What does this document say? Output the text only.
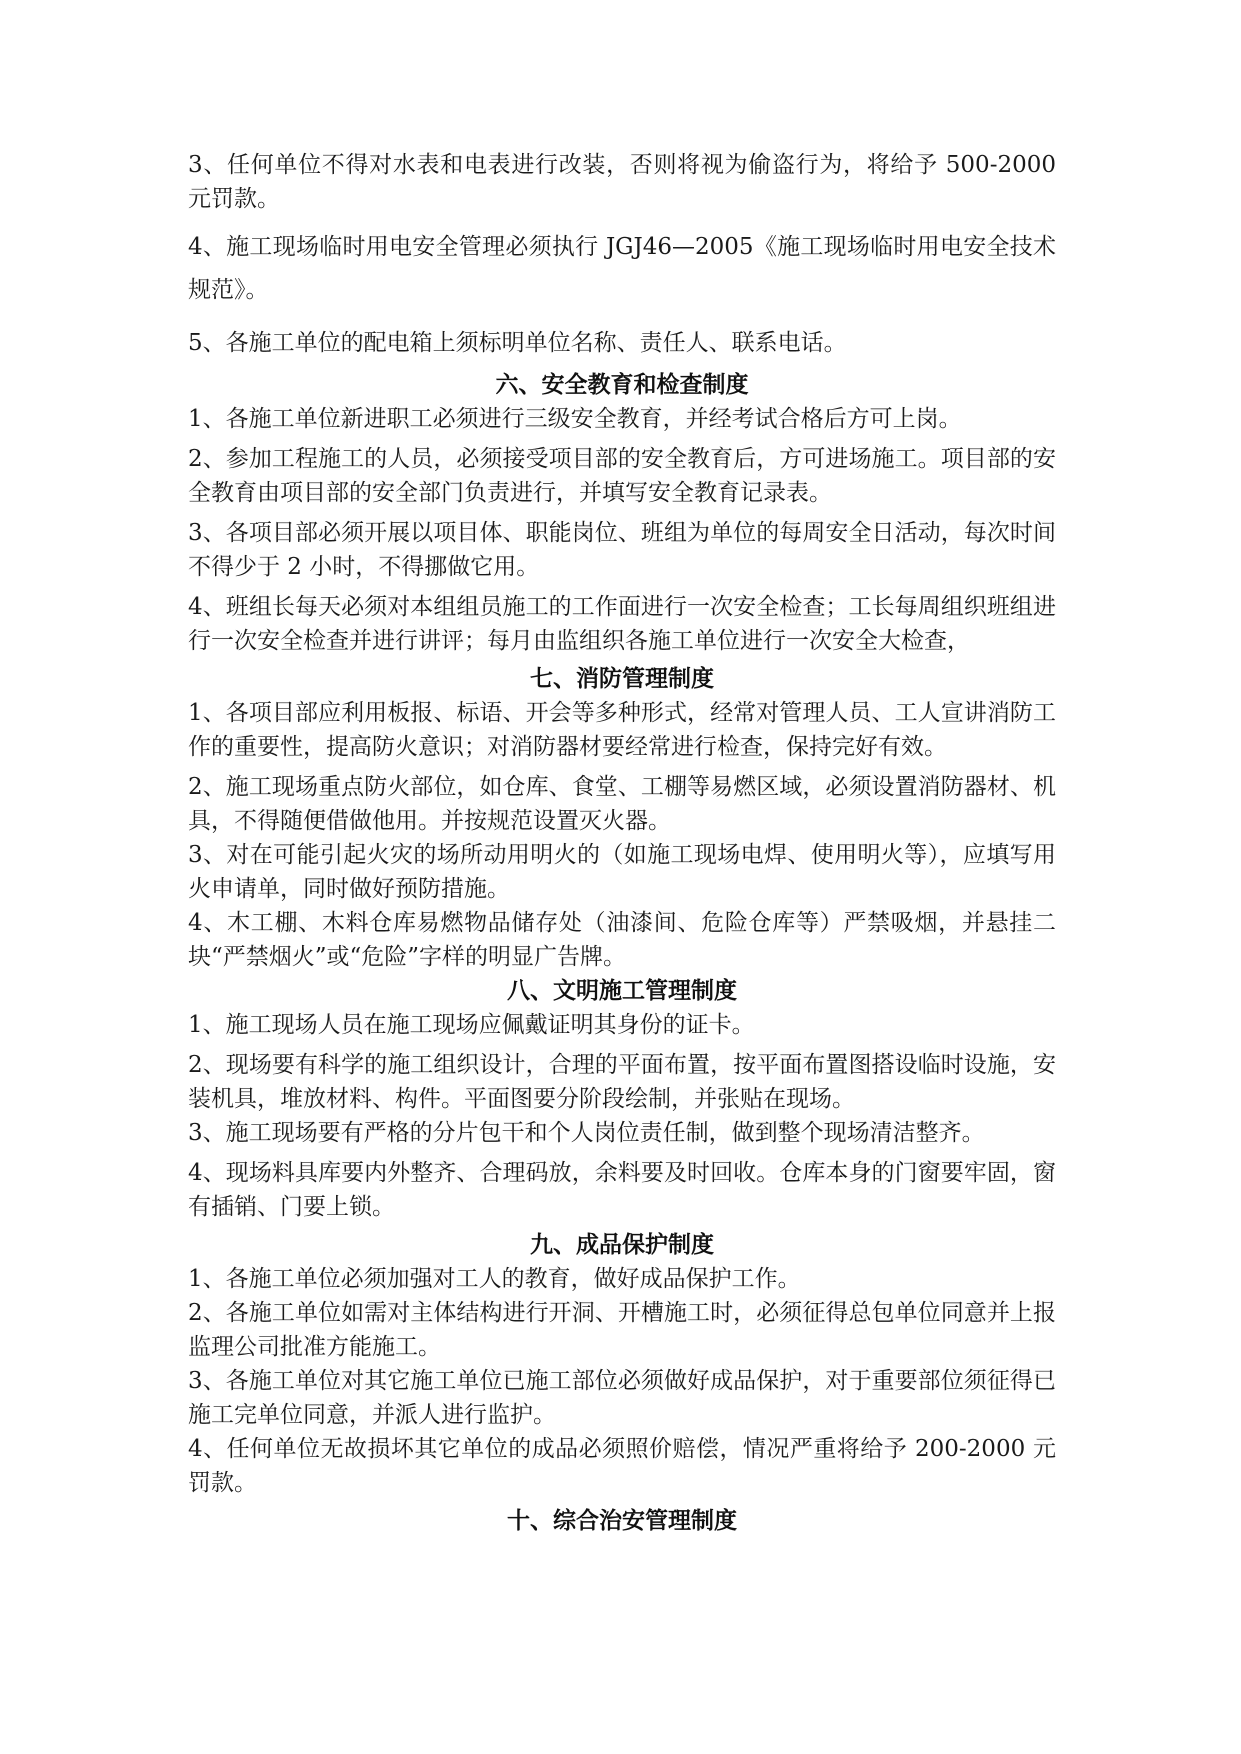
3、任何单位不得对水表和电表进行改装，否则将视为偷盗行为，将给予 500-2000 元罚款。

4、施工现场临时用电安全管理必须执行 JGJ46—2005《施工现场临时用电安全技术规范》。

5、各施工单位的配电箱上须标明单位名称、责任人、联系电话。

六、安全教育和检查制度

1、各施工单位新进职工必须进行三级安全教育，并经考试合格后方可上岗。

2、参加工程施工的人员，必须接受项目部的安全教育后，方可进场施工。项目部的安全教育由项目部的安全部门负责进行，并填写安全教育记录表。

3、各项目部必须开展以项目体、职能岗位、班组为单位的每周安全日活动，每次时间不得少于 2 小时，不得挪做它用。

4、班组长每天必须对本组组员施工的工作面进行一次安全检查；工长每周组织班组进行一次安全检查并进行讲评；每月由监组织各施工单位进行一次安全大检查，

七、消防管理制度

1、各项目部应利用板报、标语、开会等多种形式，经常对管理人员、工人宣讲消防工作的重要性，提高防火意识；对消防器材要经常进行检查，保持完好有效。

2、施工现场重点防火部位，如仓库、食堂、工棚等易燃区域，必须设置消防器材、机具，不得随便借做他用。并按规范设置灭火器。

3、对在可能引起火灾的场所动用明火的（如施工现场电焊、使用明火等），应填写用火申请单，同时做好预防措施。

4、木工棚、木料仓库易燃物品储存处（油漆间、危险仓库等）严禁吸烟，并悬挂二块“严禁烟火”或“危险”字样的明显广告牌。

八、文明施工管理制度

1、施工现场人员在施工现场应佩戴证明其身份的证卡。

2、现场要有科学的施工组织设计，合理的平面布置，按平面布置图搭设临时设施，安装机具，堆放材料、构件。平面图要分阶段绘制，并张贴在现场。

3、施工现场要有严格的分片包干和个人岗位责任制，做到整个现场清洁整齐。

4、现场料具库要内外整齐、合理码放，余料要及时回收。仓库本身的门窗要牢固，窗有插销、门要上锁。

九、成品保护制度

1、各施工单位必须加强对工人的教育，做好成品保护工作。

2、各施工单位如需对主体结构进行开洞、开槽施工时，必须征得总包单位同意并上报监理公司批准方能施工。

3、各施工单位对其它施工单位已施工部位必须做好成品保护，对于重要部位须征得已施工完单位同意，并派人进行监护。

4、任何单位无故损坏其它单位的成品必须照价赔偿，情况严重将给予 200-2000 元罚款。

十、综合治安管理制度
